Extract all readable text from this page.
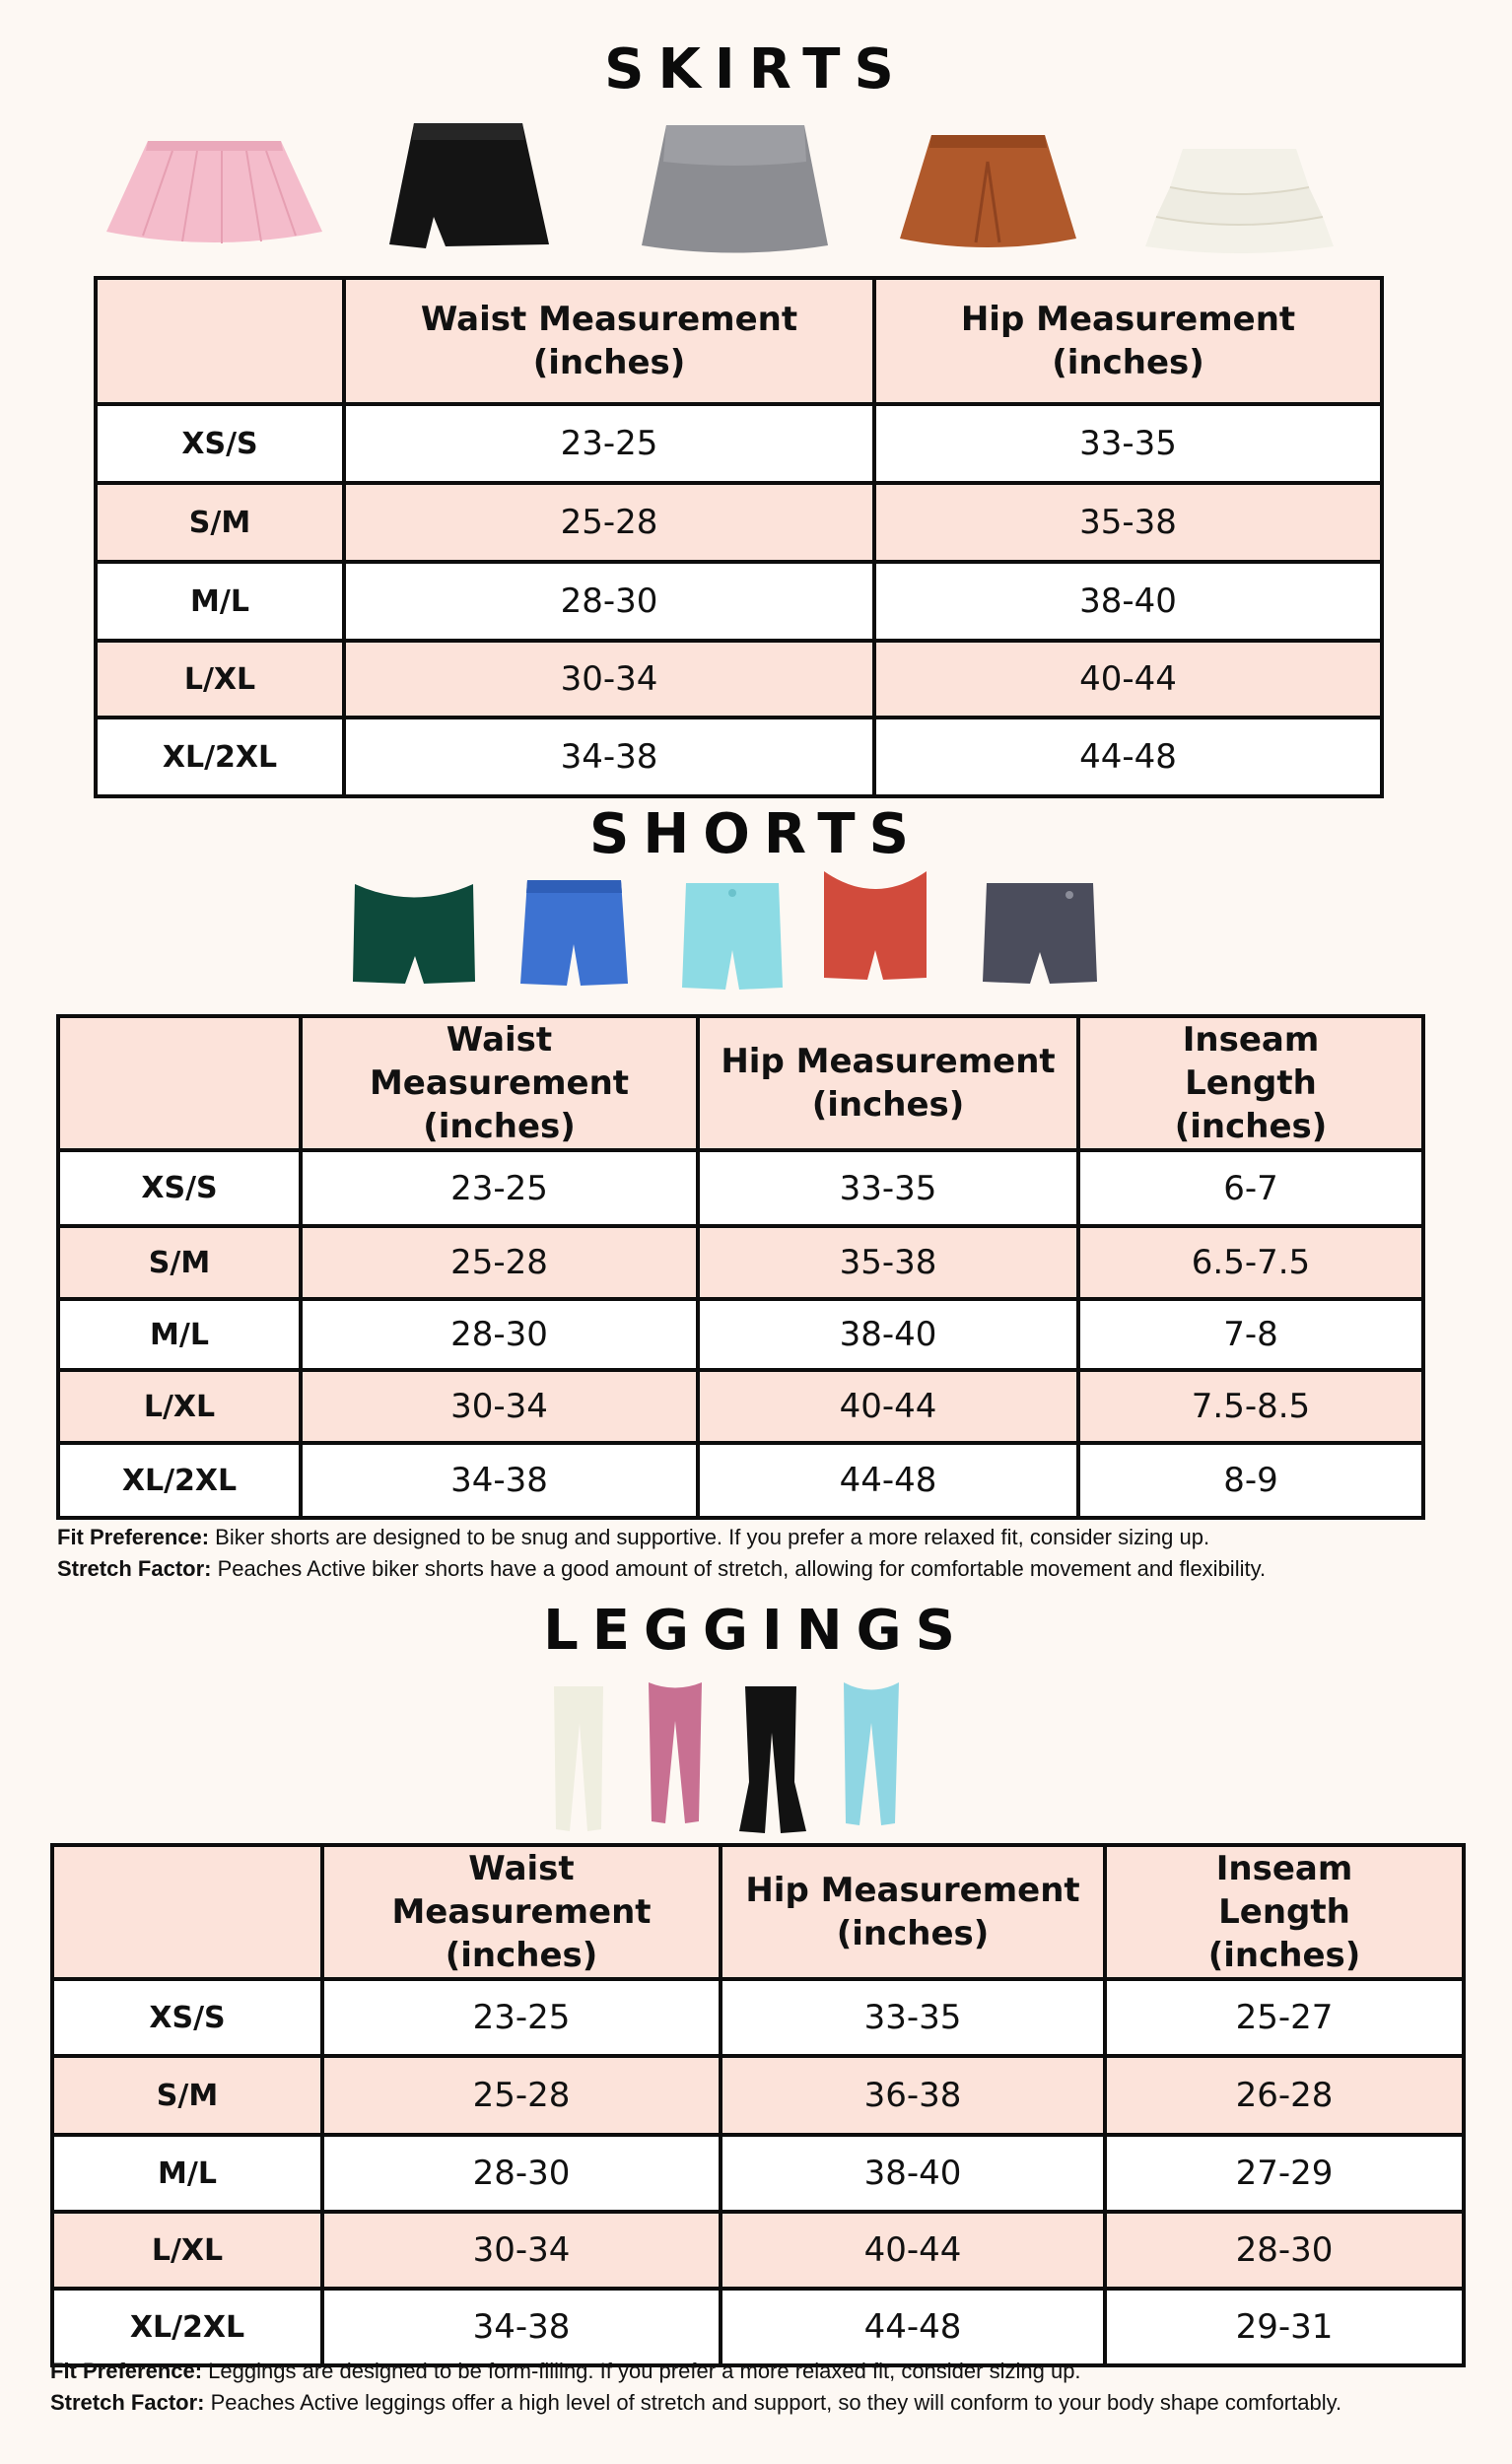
SKIRTS
	Waist Measurement (inches)	Hip Measurement (inches)
XS/S	23-25	33-35
S/M	25-28	35-38
M/L	28-30	38-40
L/XL	30-34	40-44
XL/2XL	34-38	44-48
SHORTS
	Waist Measurement (inches)	Hip Measurement (inches)	Inseam Length (inches)
XS/S	23-25	33-35	6-7
S/M	25-28	35-38	6.5-7.5
M/L	28-30	38-40	7-8
L/XL	30-34	40-44	7.5-8.5
XL/2XL	34-38	44-48	8-9
Fit Preference: Biker shorts are designed to be snug and supportive. If you prefer a more relaxed fit, consider sizing up.
Stretch Factor: Peaches Active biker shorts have a good amount of stretch, allowing for comfortable movement and flexibility.
LEGGINGS
	Waist Measurement (inches)	Hip Measurement (inches)	Inseam Length (inches)
XS/S	23-25	33-35	25-27
S/M	25-28	36-38	26-28
M/L	28-30	38-40	27-29
L/XL	30-34	40-44	28-30
XL/2XL	34-38	44-48	29-31
Fit Preference: Leggings are designed to be form-filling. If you prefer a more relaxed fit, consider sizing up.
Stretch Factor: Peaches Active leggings offer a high level of stretch and support, so they will conform to your body shape comfortably.
